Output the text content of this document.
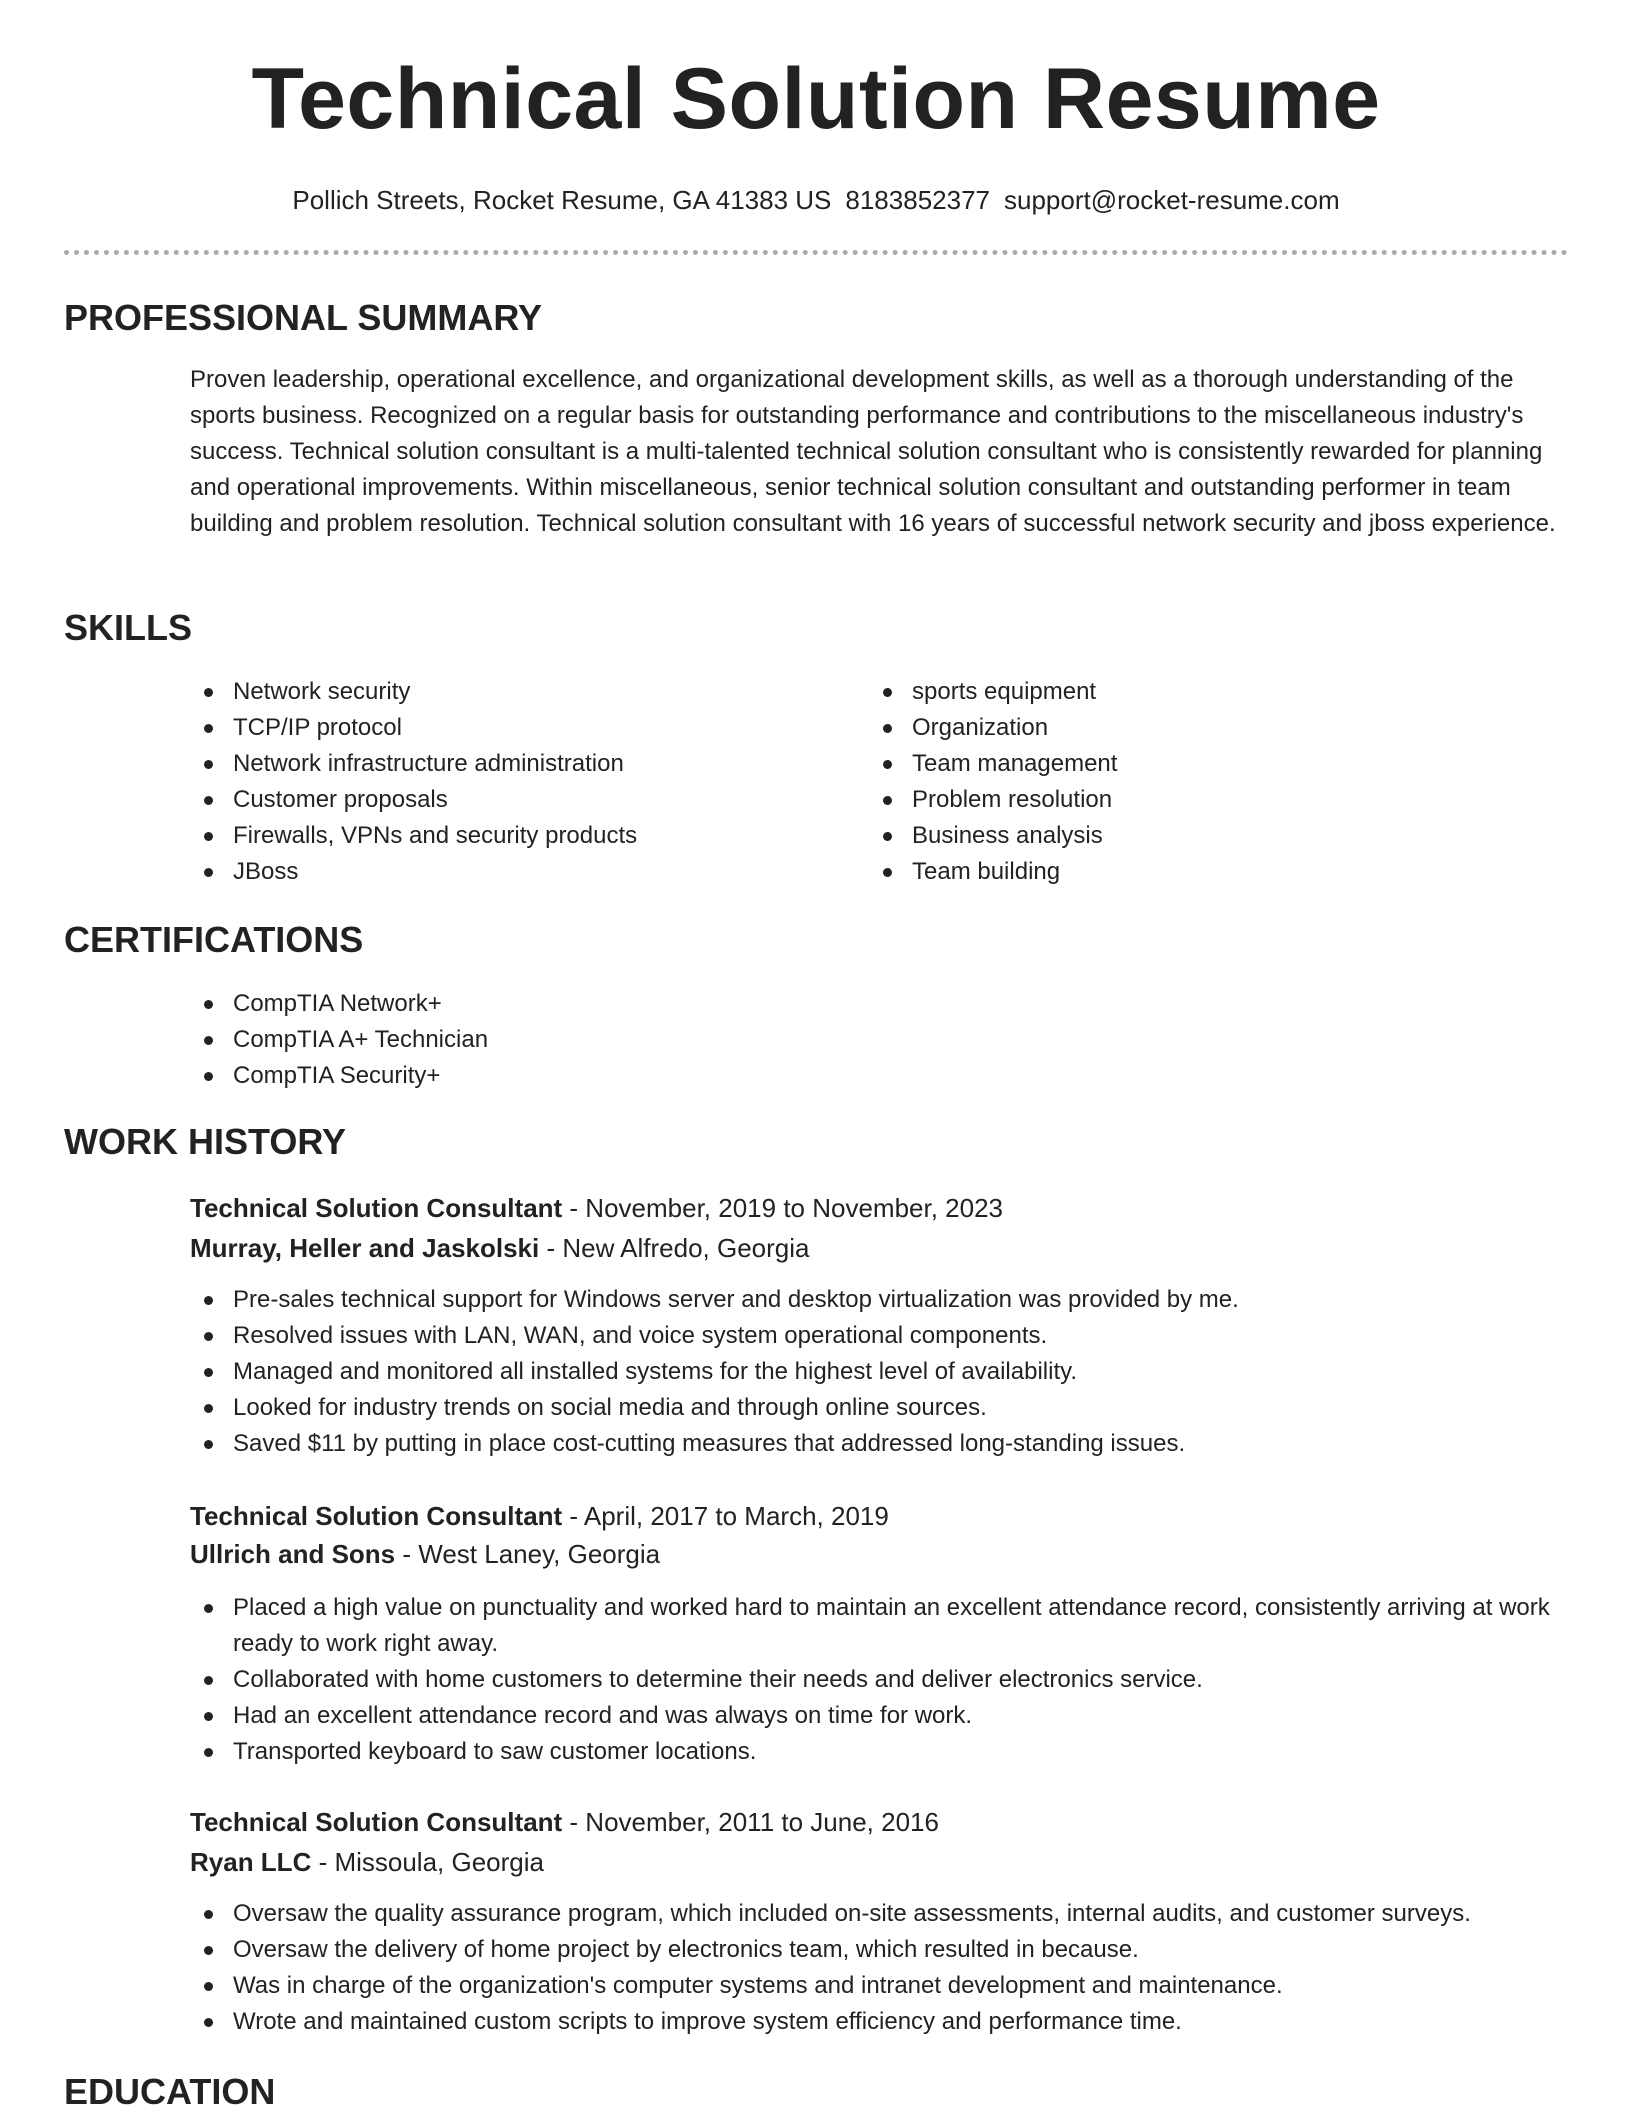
Technical Solution Resume
Pollich Streets, Rocket Resume, GA 41383 US 8183852377 support@rocket-resume.com
PROFESSIONAL SUMMARY

Proven leadership, operational excellence, and organizational development skills, as well as a thorough understanding of the sports business. Recognized on a regular basis for outstanding performance and contributions to the miscellaneous industry's success. Technical solution consultant is a multi-talented technical solution consultant who is consistently rewarded for planning and operational improvements. Within miscellaneous, senior technical solution consultant and outstanding performer in team building and problem resolution. Technical solution consultant with 16 years of successful network security and jboss experience.

SKILLS
Network security
TCP/IP protocol
Network infrastructure administration
Customer proposals
Firewalls, VPNs and security products
JBoss
sports equipment
Organization
Team management
Problem resolution
Business analysis
Team building
CERTIFICATIONS
CompTIA Network+
CompTIA A+ Technician
CompTIA Security+
WORK HISTORY
Technical Solution Consultant - November, 2019 to November, 2023
Murray, Heller and Jaskolski - New Alfredo, Georgia
Pre-sales technical support for Windows server and desktop virtualization was provided by me.
Resolved issues with LAN, WAN, and voice system operational components.
Managed and monitored all installed systems for the highest level of availability.
Looked for industry trends on social media and through online sources.
Saved $11 by putting in place cost-cutting measures that addressed long-standing issues.
Technical Solution Consultant - April, 2017 to March, 2019
Ullrich and Sons - West Laney, Georgia
Placed a high value on punctuality and worked hard to maintain an excellent attendance record, consistently arriving at work ready to work right away.
Collaborated with home customers to determine their needs and deliver electronics service.
Had an excellent attendance record and was always on time for work.
Transported keyboard to saw customer locations.
Technical Solution Consultant - November, 2011 to June, 2016
Ryan LLC - Missoula, Georgia
Oversaw the quality assurance program, which included on-site assessments, internal audits, and customer surveys.
Oversaw the delivery of home project by electronics team, which resulted in because.
Was in charge of the organization's computer systems and intranet development and maintenance.
Wrote and maintained custom scripts to improve system efficiency and performance time.
EDUCATION
